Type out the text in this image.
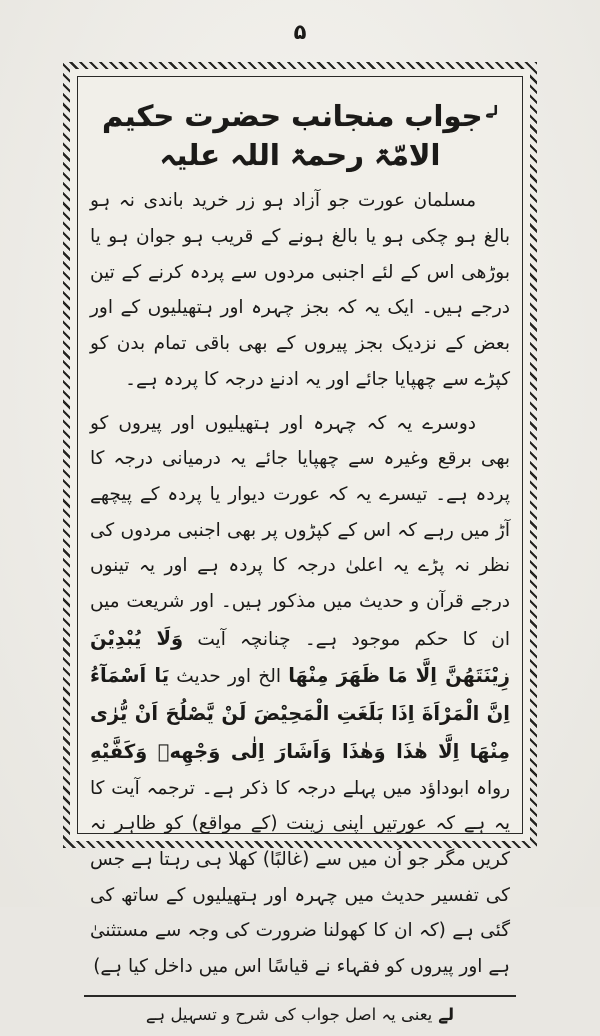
۵
$^{لے}$جواب منجانب حضرت حکیم الامّۃ رحمۃ اللہ علیہ

مسلمان عورت جو آزاد ہو زر خرید باندی نہ ہو بالغ ہو چکی ہو یا بالغ ہونے کے قریب ہو جوان ہو یا بوڑھی اس کے لئے اجنبی مردوں سے پردہ کرنے کے تین درجے ہیں۔ ایک یہ کہ بجز چہرہ اور ہتھیلیوں کے اور بعض کے نزدیک بجز پیروں کے بھی باقی تمام بدن کو کپڑے سے چھپایا جائے اور یہ ادنےٰ درجہ کا پردہ ہے۔

دوسرے یہ کہ چہرہ اور ہتھیلیوں اور پیروں کو بھی برقع وغیرہ سے چھپایا جائے یہ درمیانی درجہ کا پردہ ہے۔ تیسرے یہ کہ عورت دیوار یا پردہ کے پیچھے آڑ میں رہے کہ اس کے کپڑوں پر بھی اجنبی مردوں کی نظر نہ پڑے یہ اعلیٰ درجہ کا پردہ ہے اور یہ تینوں درجے قرآن و حدیث میں مذکور ہیں۔ اور شریعت میں ان کا حکم موجود ہے۔ چنانچہ آیت وَلَا يُبْدِيْنَ زِيْنَتَهُنَّ اِلَّا مَا ظَهَرَ مِنْهَا الخ اور حدیث يَا اَسْمَآءُ اِنَّ الْمَرْاَةَ اِذَا بَلَغَتِ الْمَحِيْضَ لَنْ يَّصْلُحَ اَنْ يُّرٰى مِنْهَا اِلَّا هٰذَا وَهٰذَا وَاَشَارَ اِلٰى وَجْهِهٖ وَكَفَّيْهِ رواہ ابوداؤد میں پہلے درجہ کا ذکر ہے۔ ترجمہ آیت کا یہ ہے کہ عورتیں اپنی زینت (کے مواقع) کو ظاہر نہ کریں مگر جو اُن میں سے (غالبًا) کھلا ہی رہتا ہے جس کی تفسیر حدیث میں چہرہ اور ہتھیلیوں کے ساتھ کی گئی ہے (کہ ان کا کھولنا ضرورت کی وجہ سے مستثنیٰ ہے اور پیروں کو فقہاء نے قیاسًا اس میں داخل کیا ہے)

لےیعنی یہ اصل جواب کی شرح و تسہیل ہے
